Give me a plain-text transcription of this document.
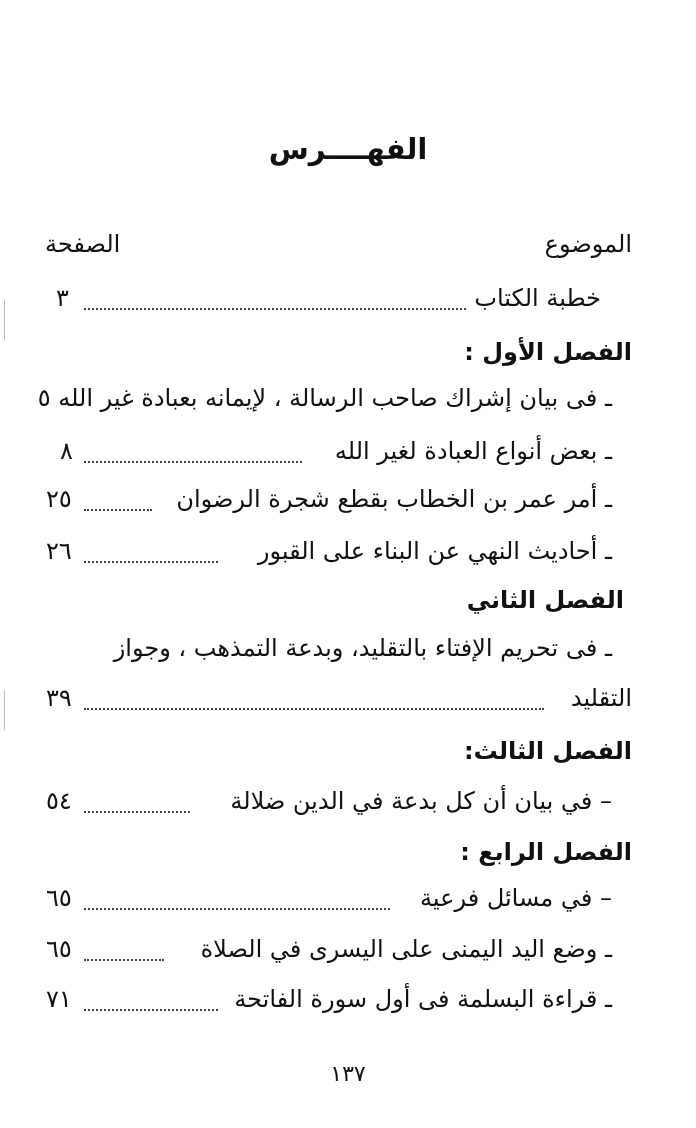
الفهــــرس
الموضوع
الصفحة
خطبة الكتاب
٣
الفصل الأول :
ـ فى بيان إشراك صاحب الرسالة ، لإيمانه بعبادة غير الله ٥
ـ بعض أنواع العبادة لغير الله
٨
ـ أمر عمر بن الخطاب بقطع شجرة الرضوان
٢٥
ـ أحاديث النهي عن البناء على القبور
٢٦
الفصل الثاني
ـ فى تحريم الإفتاء بالتقليد، وبدعة التمذهب ، وجواز
التقليد
٣٩
الفصل الثالث:
– في بيان أن كل بدعة في الدين ضلالة
٥٤
الفصل الرابع :
– في مسائل فرعية
٦٥
ـ وضع اليد اليمنى على اليسرى في الصلاة
٦٥
ـ قراءة البسلمة فى أول سورة الفاتحة
٧١
١٣٧
